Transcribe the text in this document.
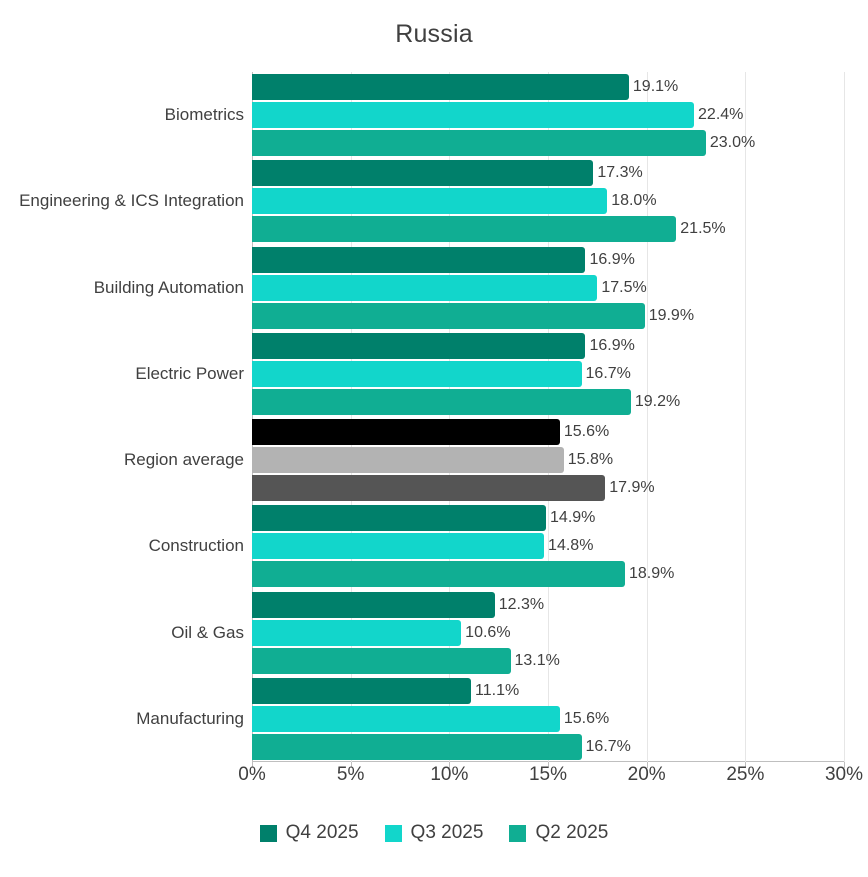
Russia
Biometrics
Engineering & ICS Integration
Building Automation
Electric Power
Region average
Construction
Oil & Gas
Manufacturing
19.1%
22.4%
23.0%
17.3%
18.0%
21.5%
16.9%
17.5%
19.9%
16.9%
16.7%
19.2%
15.6%
15.8%
17.9%
14.9%
14.8%
18.9%
12.3%
10.6%
13.1%
11.1%
15.6%
16.7%
0%	5%	10%	15%	20%	25%	30%
Q4 2025	Q3 2025	Q2 2025
